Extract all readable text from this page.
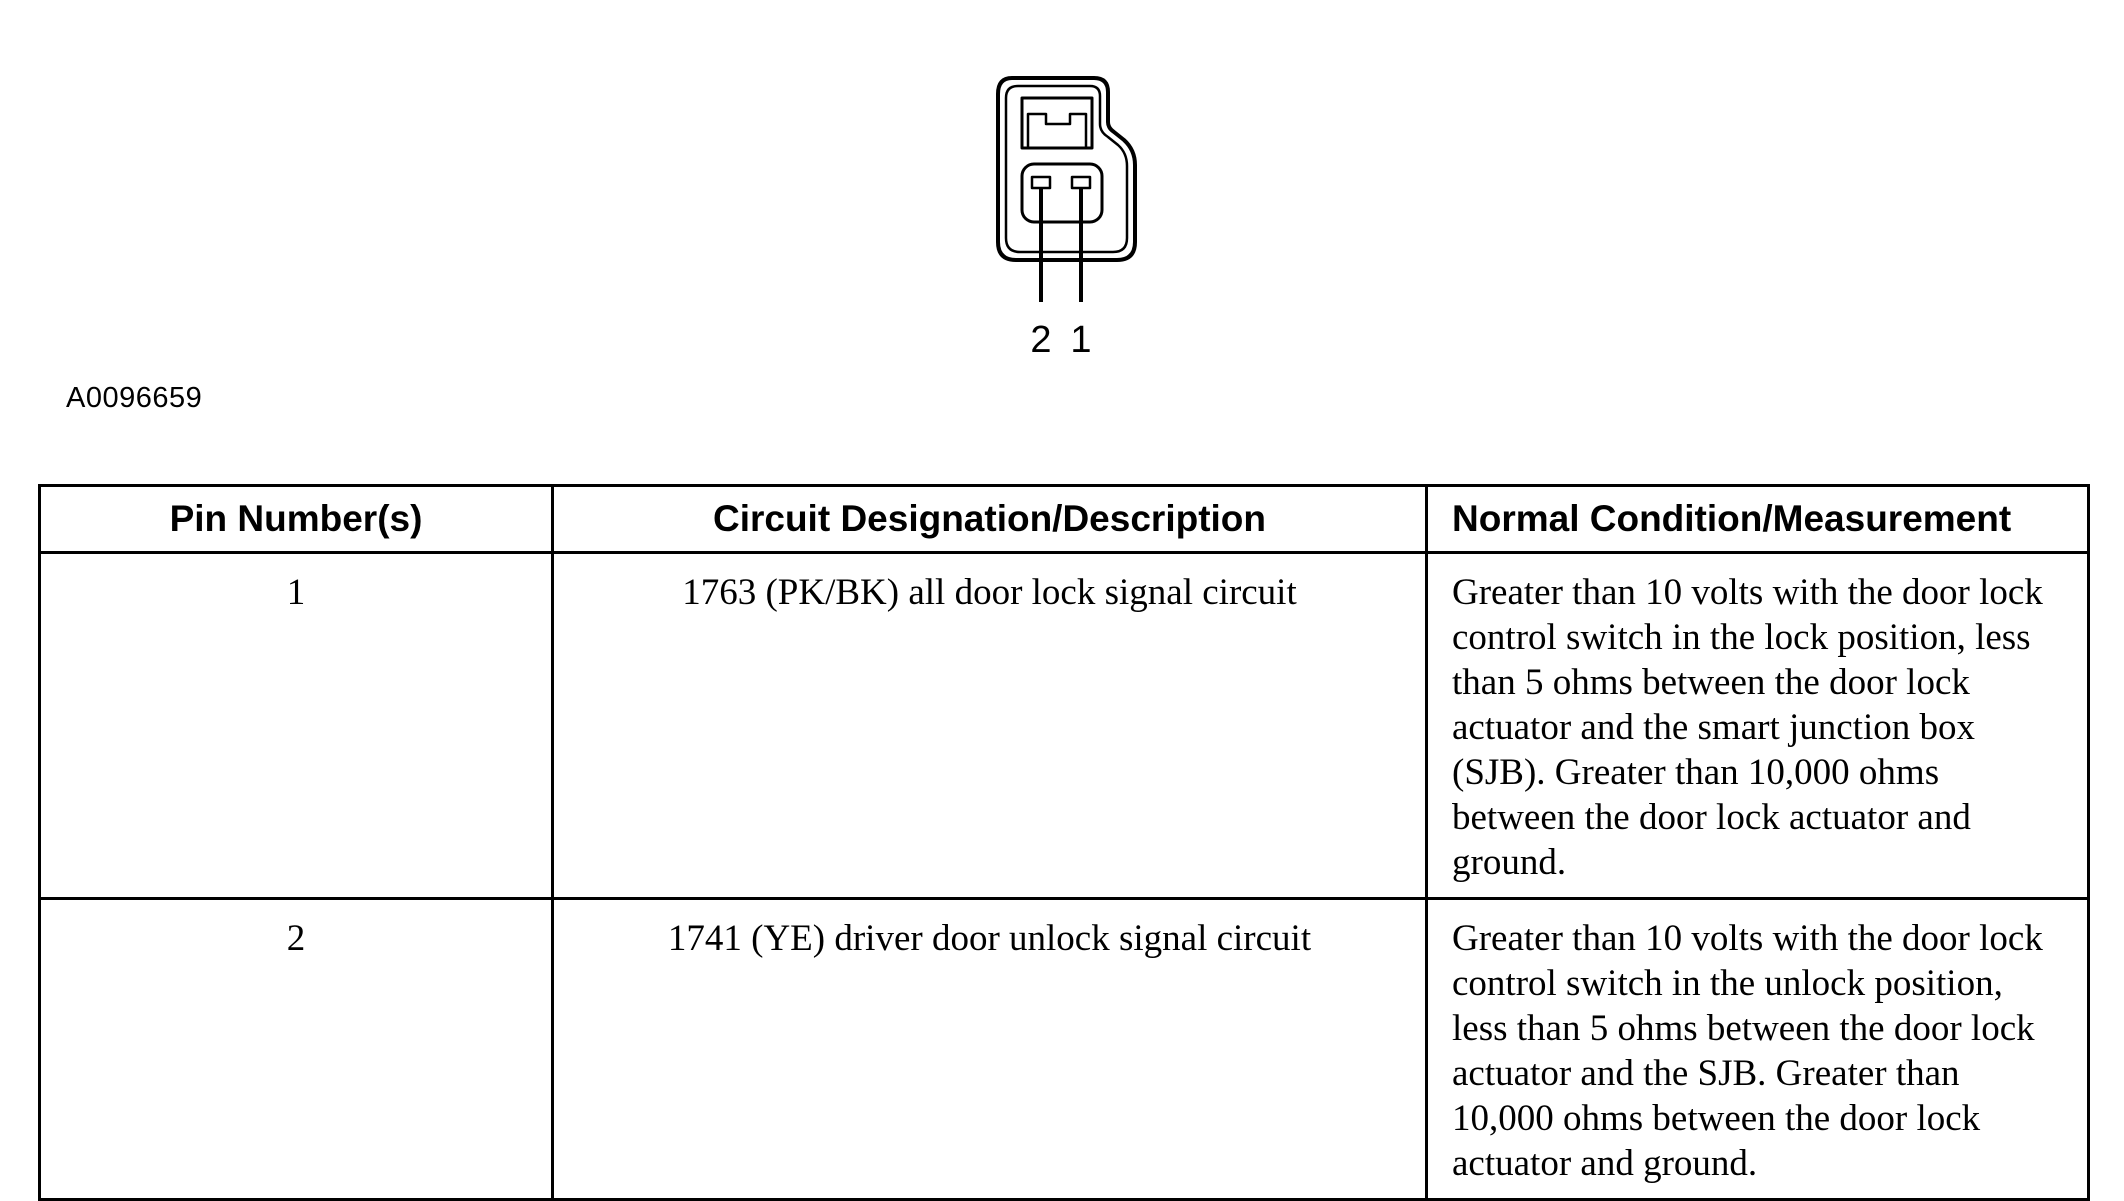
2 1
A0096659
Pin Number(s)	Circuit Designation/Description	Normal Condition/Measurement
1	1763 (PK/BK) all door lock signal circuit	Greater than 10 volts with the door lock control switch in the lock position, less than 5 ohms between the door lock actuator and the smart junction box (SJB). Greater than 10,000 ohms between the door lock actuator and ground.
2	1741 (YE) driver door unlock signal circuit	Greater than 10 volts with the door lock control switch in the unlock position, less than 5 ohms between the door lock actuator and the SJB. Greater than 10,000 ohms between the door lock actuator and ground.
